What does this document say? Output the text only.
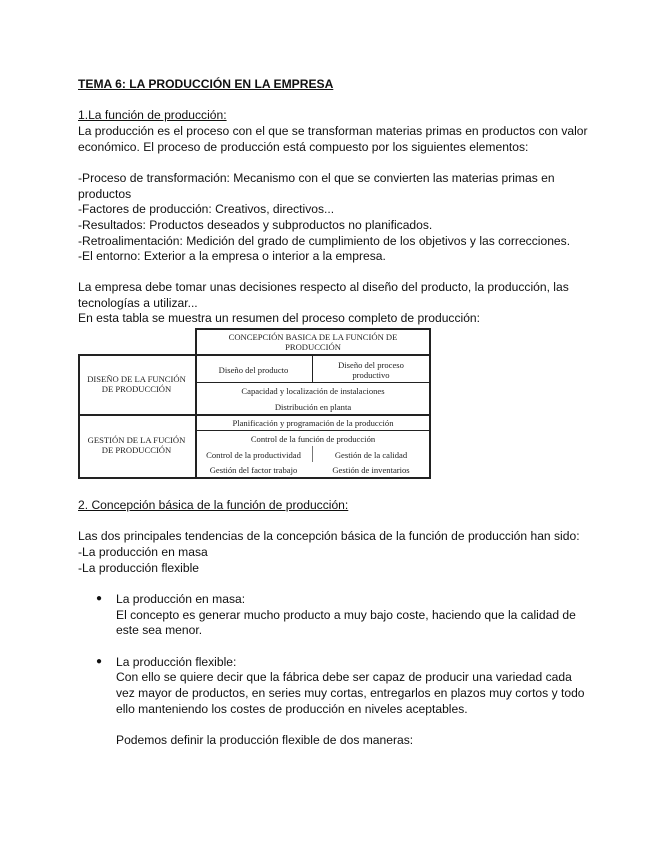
TEMA 6: LA PRODUCCIÓN EN LA EMPRESA
1.La función de producción:
La producción es el proceso con el que se transforman materias primas en productos con valor
económico. El proceso de producción está compuesto por los siguientes elementos:
-Proceso de transformación: Mecanismo con el que se convierten las materias primas en
productos
-Factores de producción: Creativos, directivos...
-Resultados: Productos deseados y subproductos no planificados.
-Retroalimentación: Medición del grado de cumplimiento de los objetivos y las correcciones.
-El entorno: Exterior a la empresa o interior a la empresa.
La empresa debe tomar unas decisiones respecto al diseño del producto, la producción, las
tecnologías a utilizar...
En esta tabla se muestra un resumen del proceso completo de producción:
CONCEPCIÓN BASICA DE LA FUNCIÓN DE
PRODUCCIÓN
DISEÑO DE LA FUNCIÓN
DE PRODUCCIÓN
Diseño del producto	Diseño del proceso
productivo
Capacidad y localización de instalaciones
Distribución en planta
GESTIÓN DE LA FUCIÓN
DE PRODUCCIÓN
Planificación y programación de la producción
Control de la función de producción
Control de la productividad	Gestión de la calidad
Gestión del factor trabajo	Gestión de inventarios
2. Concepción básica de la función de producción:
Las dos principales tendencias de la concepción básica de la función de producción han sido:
-La producción en masa
-La producción flexible
● La producción en masa:
El concepto es generar mucho producto a muy bajo coste, haciendo que la calidad de
este sea menor.
● La producción flexible:
Con ello se quiere decir que la fábrica debe ser capaz de producir una variedad cada
vez mayor de productos, en series muy cortas, entregarlos en plazos muy cortos y todo
ello manteniendo los costes de producción en niveles aceptables.
Podemos definir la producción flexible de dos maneras:
